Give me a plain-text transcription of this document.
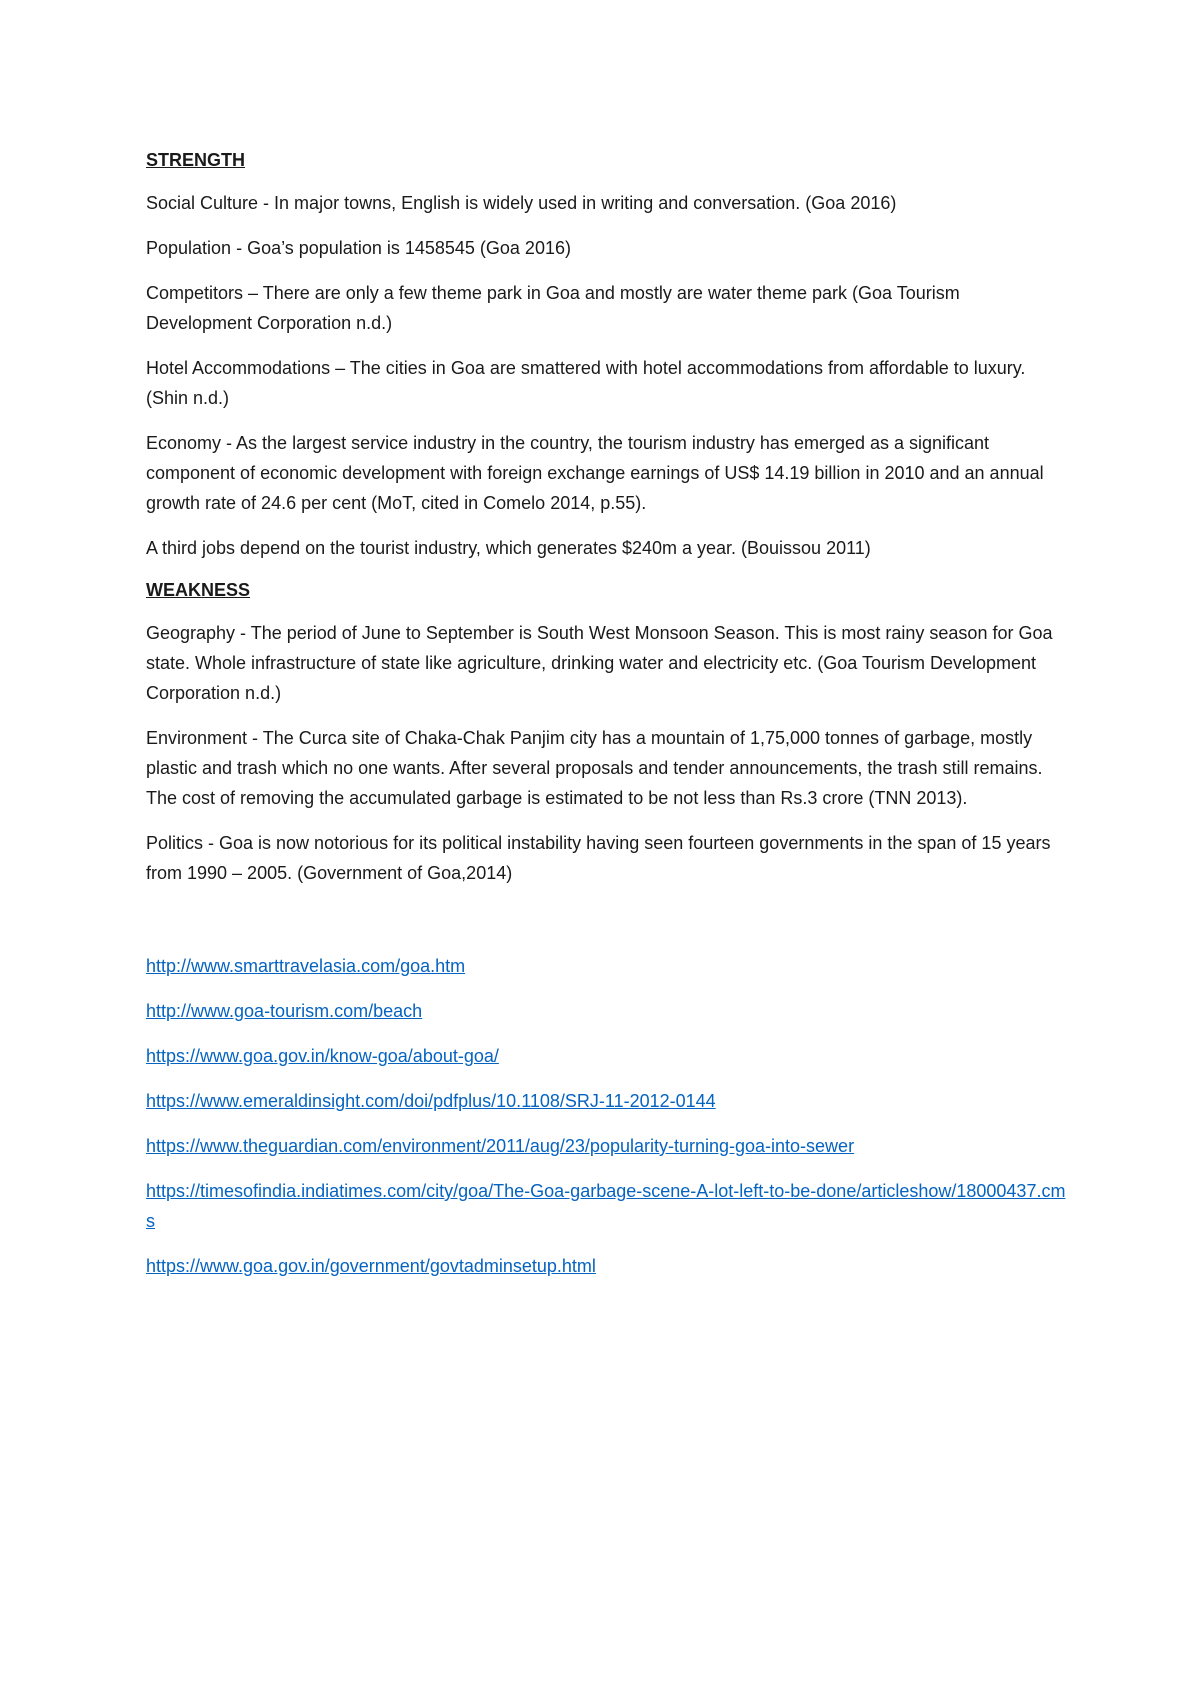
STRENGTH

Social Culture - In major towns, English is widely used in writing and conversation. (Goa 2016)

Population - Goa’s population is 1458545 (Goa 2016)

Competitors – There are only a few theme park in Goa and mostly are water theme park (Goa Tourism Development Corporation n.d.)

Hotel Accommodations – The cities in Goa are smattered with hotel accommodations from affordable to luxury. (Shin n.d.)

Economy - As the largest service industry in the country, the tourism industry has emerged as a significant component of economic development with foreign exchange earnings of US$ 14.19 billion in 2010 and an annual growth rate of 24.6 per cent (MoT, cited in Comelo 2014, p.55).

A third jobs depend on the tourist industry, which generates $240m a year. (Bouissou 2011)

WEAKNESS

Geography - The period of June to September is South West Monsoon Season. This is most rainy season for Goa state. Whole infrastructure of state like agriculture, drinking water and electricity etc. (Goa Tourism Development Corporation n.d.)

Environment - The Curca site of Chaka-Chak Panjim city has a mountain of 1,75,000 tonnes of garbage, mostly plastic and trash which no one wants. After several proposals and tender announcements, the trash still remains. The cost of removing the accumulated garbage is estimated to be not less than Rs.3 crore (TNN 2013).

Politics - Goa is now notorious for its political instability having seen fourteen governments in the span of 15 years from 1990 – 2005. (Government of Goa,2014)

http://www.smarttravelasia.com/goa.htm
http://www.goa-tourism.com/beach
https://www.goa.gov.in/know-goa/about-goa/
https://www.emeraldinsight.com/doi/pdfplus/10.1108/SRJ-11-2012-0144
https://www.theguardian.com/environment/2011/aug/23/popularity-turning-goa-into-sewer
https://timesofindia.indiatimes.com/city/goa/The-Goa-garbage-scene-A-lot-left-to-be-done/articleshow/18000437.cms
https://www.goa.gov.in/government/govtadminsetup.html
